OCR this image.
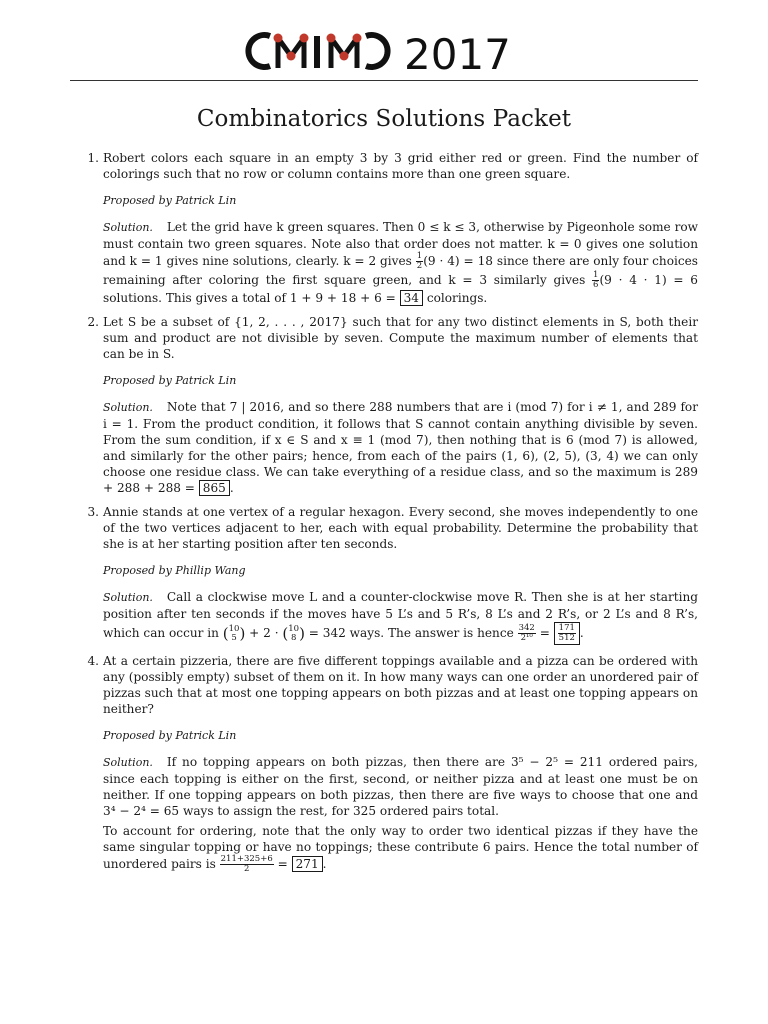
2017
Combinatorics Solutions Packet
1. Robert colors each square in an empty 3 by 3 grid either red or green. Find the number of colorings such that no row or column contains more than one green square.

Proposed by Patrick Lin

Solution. Let the grid have k green squares. Then 0 ≤ k ≤ 3, otherwise by Pigeonhole some row must contain two green squares. Note also that order does not matter. k = 0 gives one solution and k = 1 gives nine solutions, clearly. k = 2 gives $\frac{1}{2} (9 \cdot 4) = 18$ since there are only four choices remaining after coloring the first square green, and k = 3 similarly gives $\frac{1}{6} (9 \cdot 4 \cdot 1) = 6$ solutions. This gives a total of 1 + 9 + 18 + 6 = 34 colorings.

2. Let S be a subset of {1, 2, . . . , 2017} such that for any two distinct elements in S, both their sum and product are not divisible by seven. Compute the maximum number of elements that can be in S.

Proposed by Patrick Lin

Solution. Note that 7 | 2016, and so there 288 numbers that are i (mod 7) for i ≠ 1, and 289 for i = 1. From the product condition, it follows that S cannot contain anything divisible by seven. From the sum condition, if x ∈ S and x ≡ 1 (mod 7), then nothing that is 6 (mod 7) is allowed, and similarly for the other pairs; hence, from each of the pairs (1, 6), (2, 5), (3, 4) we can only choose one residue class. We can take everything of a residue class, and so the maximum is 289 + 288 + 288 = 865 .

3. Annie stands at one vertex of a regular hexagon. Every second, she moves independently to one of the two vertices adjacent to her, each with equal probability. Determine the probability that she is at her starting position after ten seconds.

Proposed by Phillip Wang

Solution. Call a clockwise move L and a counter-clockwise move R. Then she is at her starting position after ten seconds if the moves have 5 L’s and 5 R’s, 8 L’s and 2 R’s, or 2 L’s and 8 R’s, which can occur in ( 10
5 ) + 2 · ( 10
8 ) = 342 ways. The answer is hence $\frac{342}{\text{2¹⁰}} = \frac{171}{512}$ .

4. At a certain pizzeria, there are five different toppings available and a pizza can be ordered with any (possibly empty) subset of them on it. In how many ways can one order an unordered pair of pizzas such that at most one topping appears on both pizzas and at least one topping appears on neither?

Proposed by Patrick Lin

Solution. If no topping appears on both pizzas, then there are 3⁵ − 2⁵ = 211 ordered pairs, since each topping is either on the first, second, or neither pizza and at least one must be on neither. If one topping appears on both pizzas, then there are five ways to choose that one and 3⁴ − 2⁴ = 65 ways to assign the rest, for 325 ordered pairs total.

To account for ordering, note that the only way to order two identical pizzas if they have the same singular topping or have no toppings; these contribute 6 pairs. Hence the total number of unordered pairs is $\frac{211+325+6}{2} = 271$ .
